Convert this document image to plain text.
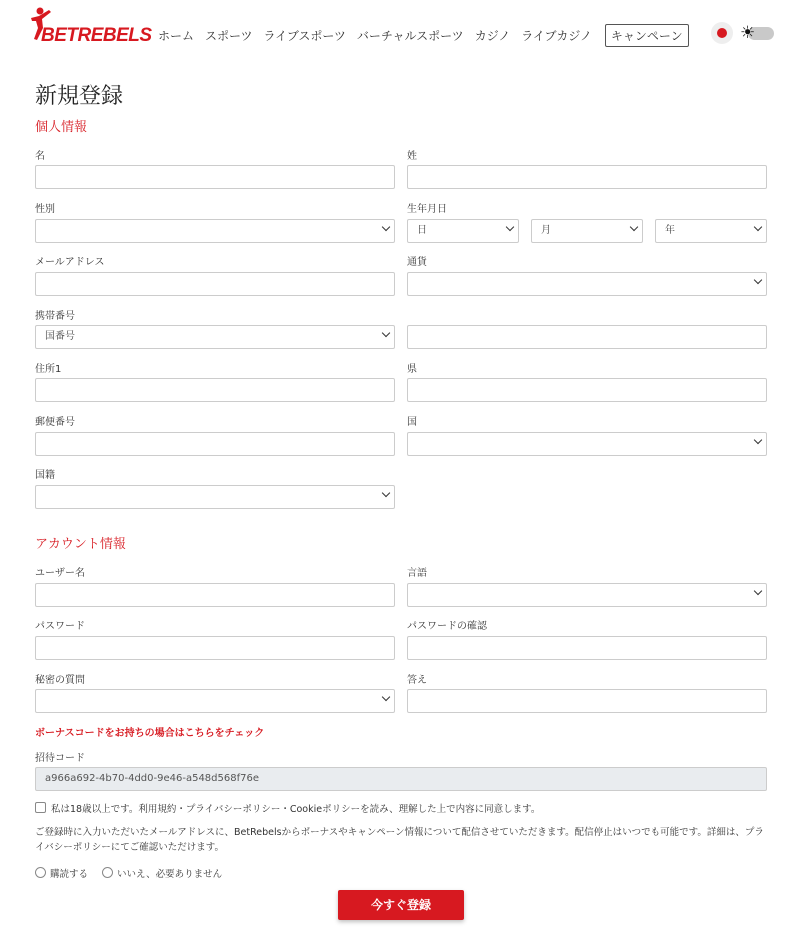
BETREBELS ホーム スポーツ ライブスポーツ バーチャルスポーツ カジノ ライブカジノ	キャンペーン	☀
新規登録
個人情報
名	姓
性別	生年月日
日	月	年
メールアドレス	通貨
携帯番号
国番号
住所1	県
郵便番号	国
国籍
アカウント情報
ユーザー名	言語
パスワード	パスワードの確認
秘密の質問	答え
ボーナスコードをお持ちの場合はこちらをチェック
招待コード
a966a692-4b70-4dd0-9e46-a548d568f76e
私は18歳以上です。利用規約・プライバシーポリシー・Cookieポリシーを読み、理解した上で内容に同意します。
ご登録時に入力いただいたメールアドレスに、BetRebelsからボーナスやキャンペーン情報について配信させていただきます。配信停止はいつでも可能です。詳細は、プライバシーポリシーにてご確認いただけます。
購読する	いいえ、必要ありません
今すぐ登録
